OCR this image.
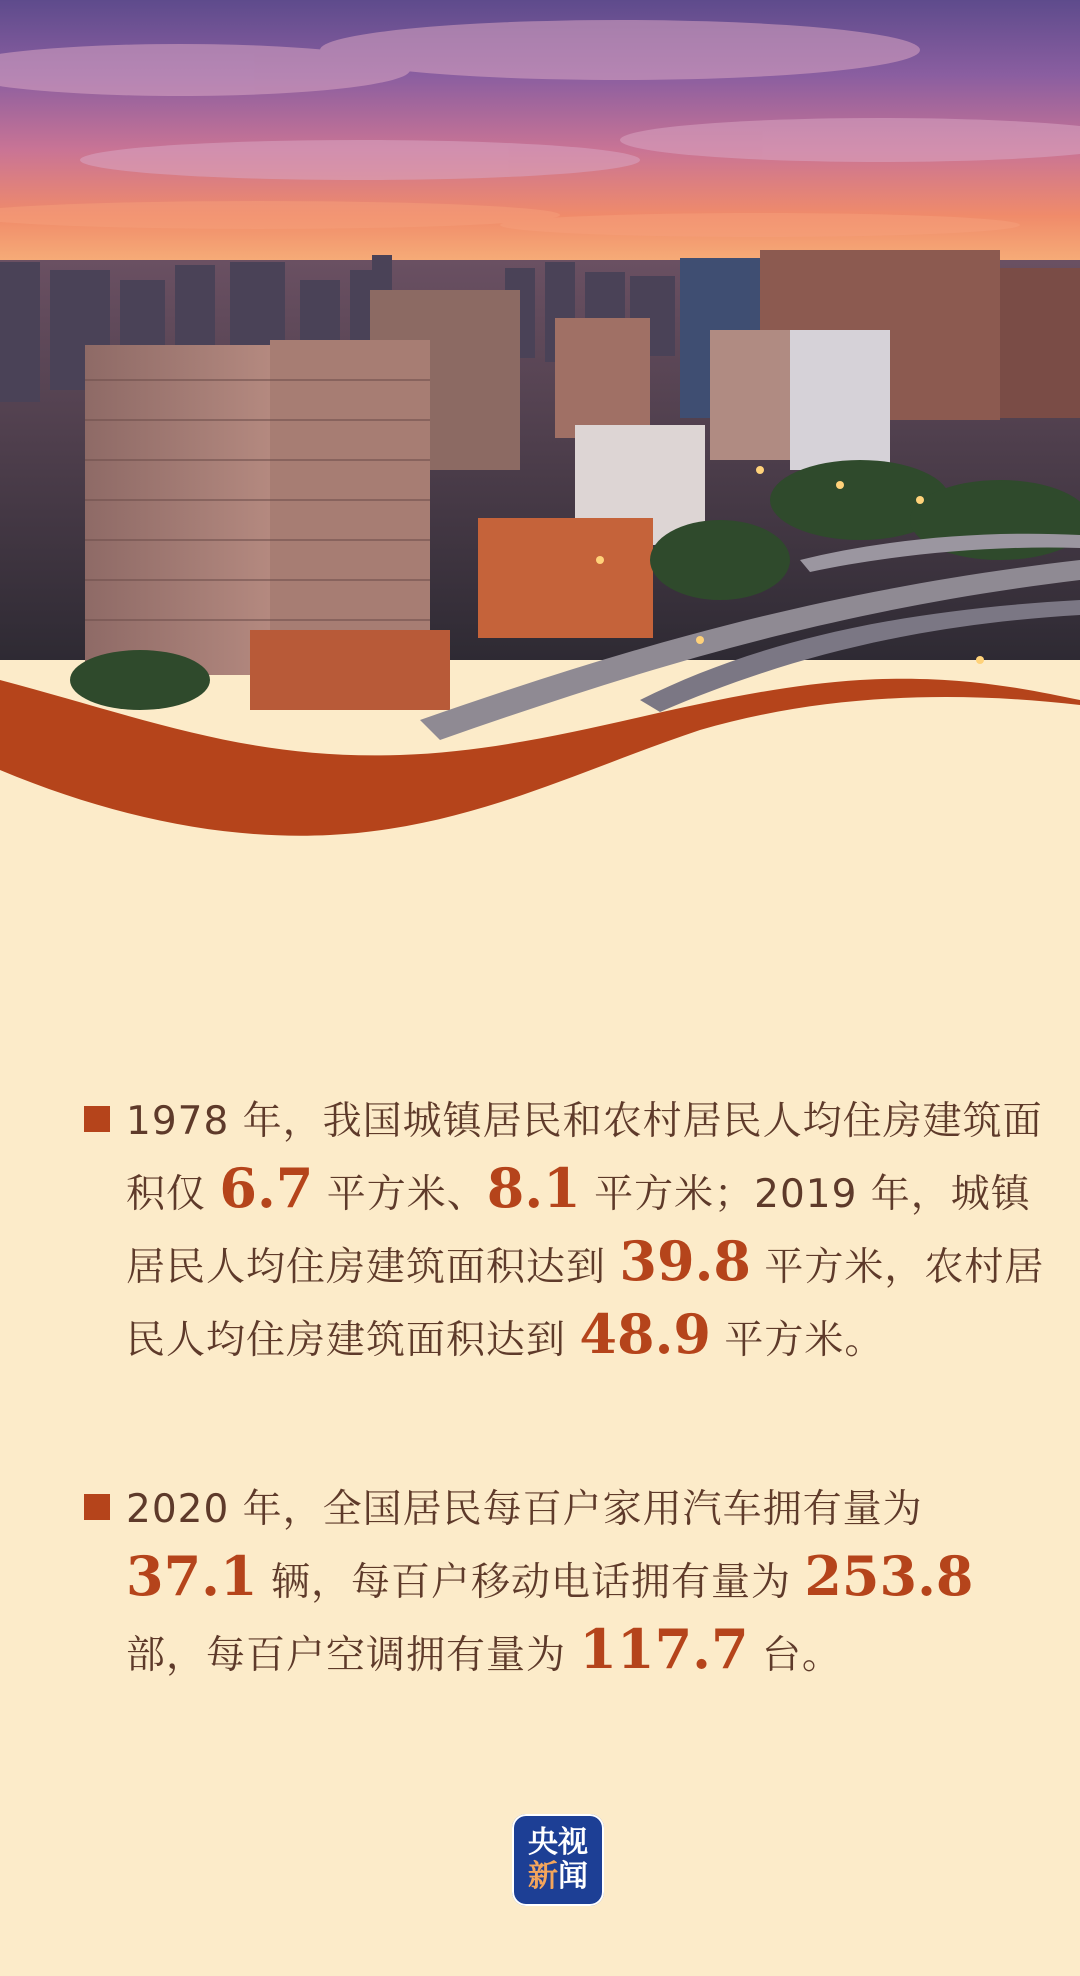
1978 年，我国城镇居民和农村居民人均住房建筑面积仅 6.7 平方米、8.1 平方米；2019 年，城镇居民人均住房建筑面积达到 39.8 平方米，农村居民人均住房建筑面积达到 48.9 平方米。
2020 年，全国居民每百户家用汽车拥有量为 37.1 辆，每百户移动电话拥有量为 253.8 部，每百户空调拥有量为 117.7 台。
央视
新闻
